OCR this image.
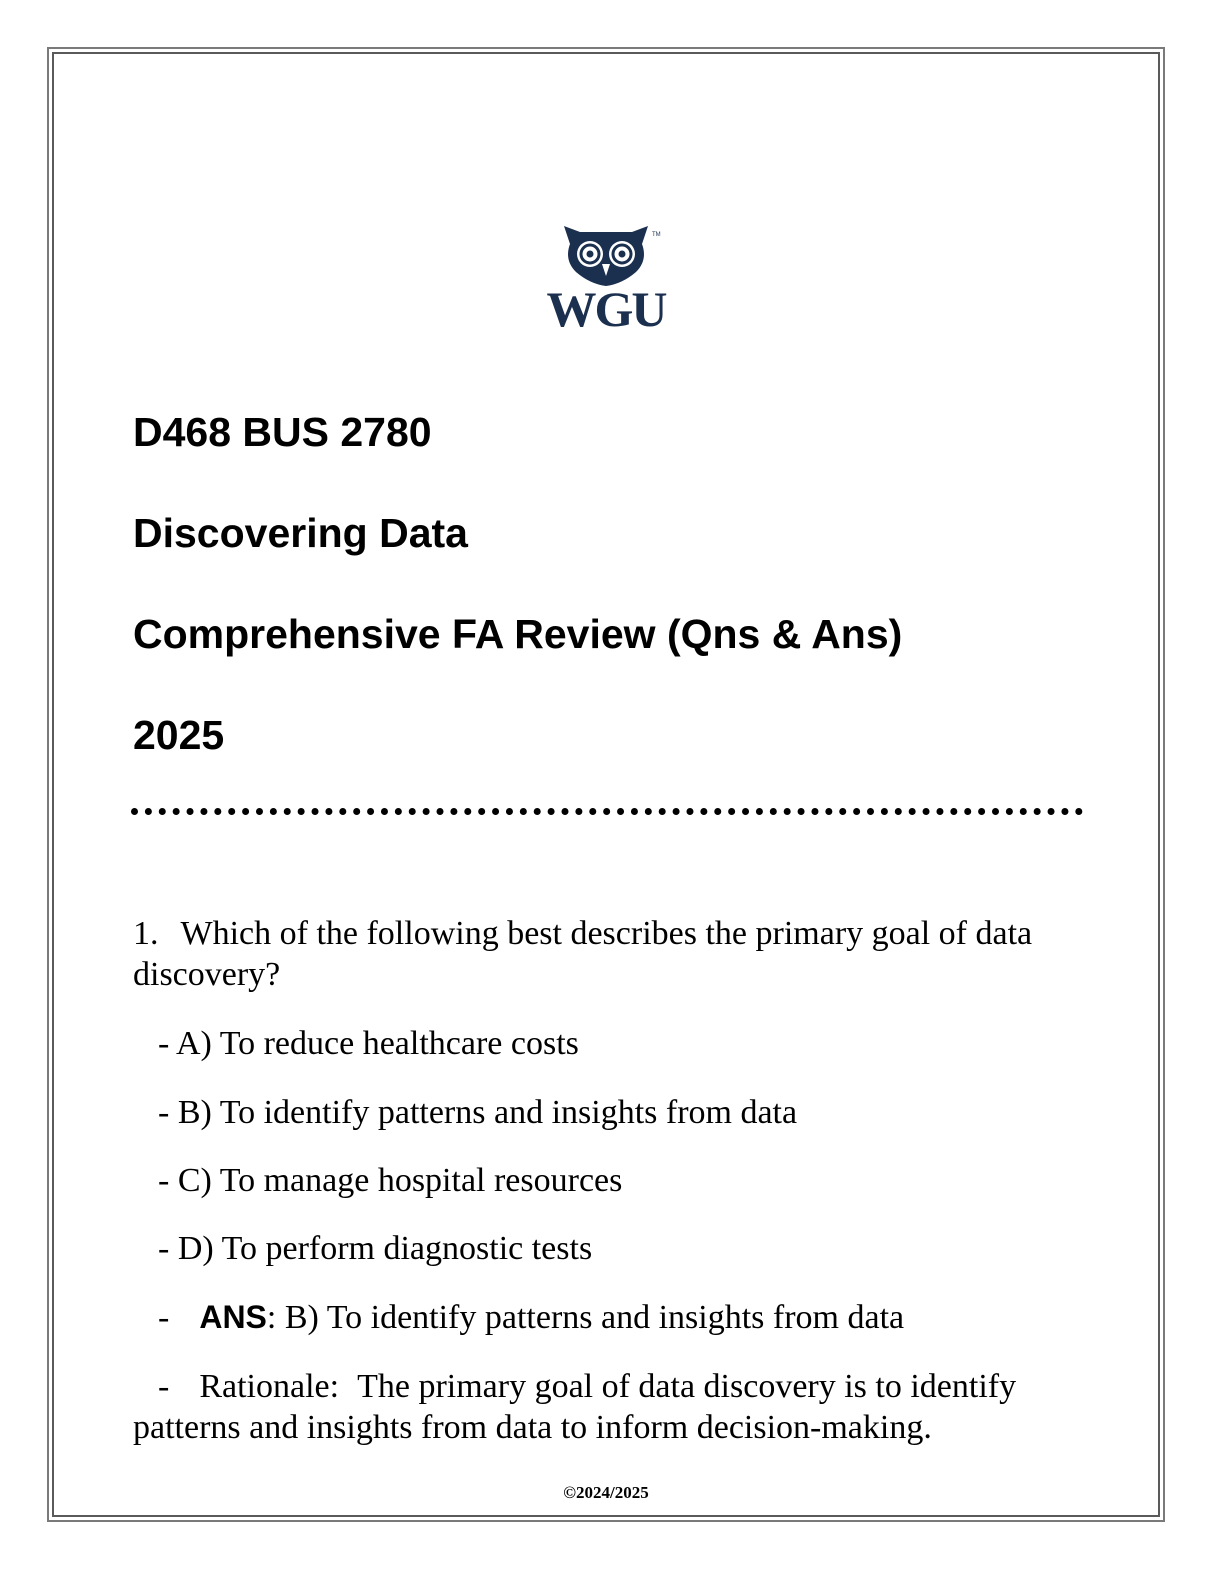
TM
WGU
D468 BUS 2780
Discovering Data
Comprehensive FA Review (Qns & Ans)
2025

1. Which of the following best describes the primary goal of data discovery?

- A) To reduce healthcare costs

- B) To identify patterns and insights from data

- C) To manage hospital resources

- D) To perform diagnostic tests

- ANS: B) To identify patterns and insights from data

- Rationale: The primary goal of data discovery is to identify patterns and insights from data to inform decision-making.

©2024/2025
